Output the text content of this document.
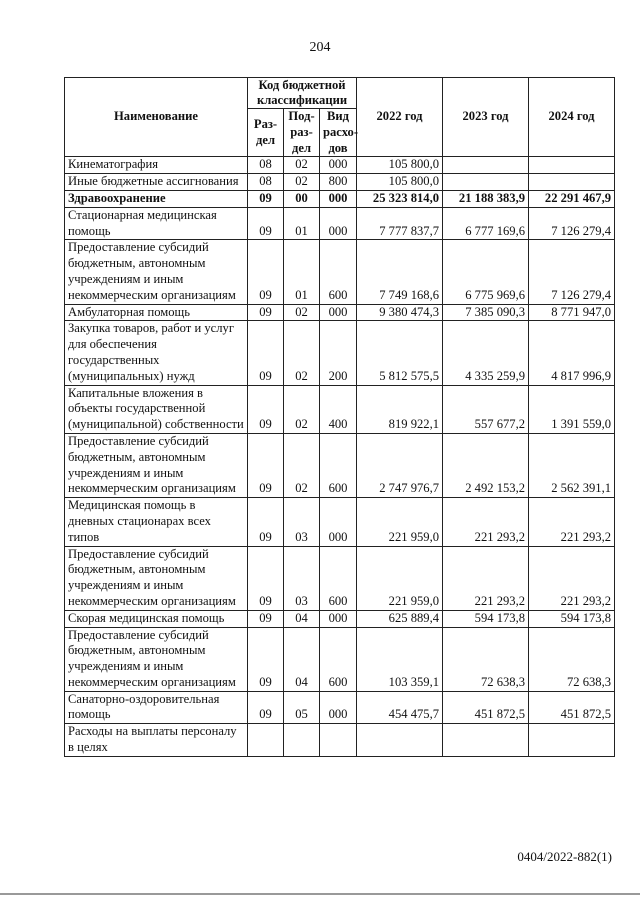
204
Наименование	Код бюджетной классификации			2022 год	2023 год	2024 год
	Раз- дел	Под- раз- дел	Вид расхо- дов			
Кинематография	08	02	000	105 800,0		
Иные бюджетные ассигнования	08	02	800	105 800,0		
Здравоохранение	09	00	000	25 323 814,0	21 188 383,9	22 291 467,9
Стационарная медицинская помощь	09	01	000	7 777 837,7	6 777 169,6	7 126 279,4
Предоставление субсидий бюджетным, автономным учреждениям и иным некоммерческим организациям	09	01	600	7 749 168,6	6 775 969,6	7 126 279,4
Амбулаторная помощь	09	02	000	9 380 474,3	7 385 090,3	8 771 947,0
Закупка товаров, работ и услуг для обеспечения государственных (муниципальных) нужд	09	02	200	5 812 575,5	4 335 259,9	4 817 996,9
Капитальные вложения в объекты государственной (муниципальной) собственности	09	02	400	819 922,1	557 677,2	1 391 559,0
Предоставление субсидий бюджетным, автономным учреждениям и иным некоммерческим организациям	09	02	600	2 747 976,7	2 492 153,2	2 562 391,1
Медицинская помощь в дневных стационарах всех типов	09	03	000	221 959,0	221 293,2	221 293,2
Предоставление субсидий бюджетным, автономным учреждениям и иным некоммерческим организациям	09	03	600	221 959,0	221 293,2	221 293,2
Скорая медицинская помощь	09	04	000	625 889,4	594 173,8	594 173,8
Предоставление субсидий бюджетным, автономным учреждениям и иным некоммерческим организациям	09	04	600	103 359,1	72 638,3	72 638,3
Санаторно-оздоровительная помощь	09	05	000	454 475,7	451 872,5	451 872,5
Расходы на выплаты персоналу в целях						
0404/2022-882(1)
